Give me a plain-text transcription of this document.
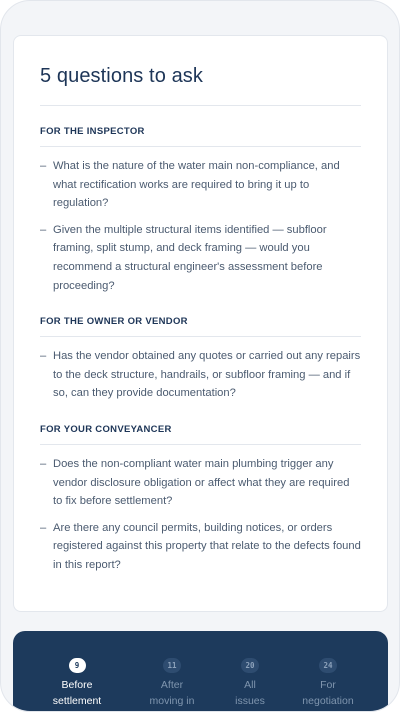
5 questions to ask
FOR THE INSPECTOR
– What is the nature of the water main non-compliance, and what rectification works are required to bring it up to regulation?
– Given the multiple structural items identified — subfloor framing, split stump, and deck framing — would you recommend a structural engineer's assessment before proceeding?
FOR THE OWNER OR VENDOR
– Has the vendor obtained any quotes or carried out any repairs to the deck structure, handrails, or subfloor framing — and if so, can they provide documentation?
FOR YOUR CONVEYANCER
– Does the non-compliant water main plumbing trigger any vendor disclosure obligation or affect what they are required to fix before settlement?
– Are there any council permits, building notices, or orders registered against this property that relate to the defects found in this report?
9
Before
settlement
11
After
moving in
20
All
issues
24
For
negotiation
